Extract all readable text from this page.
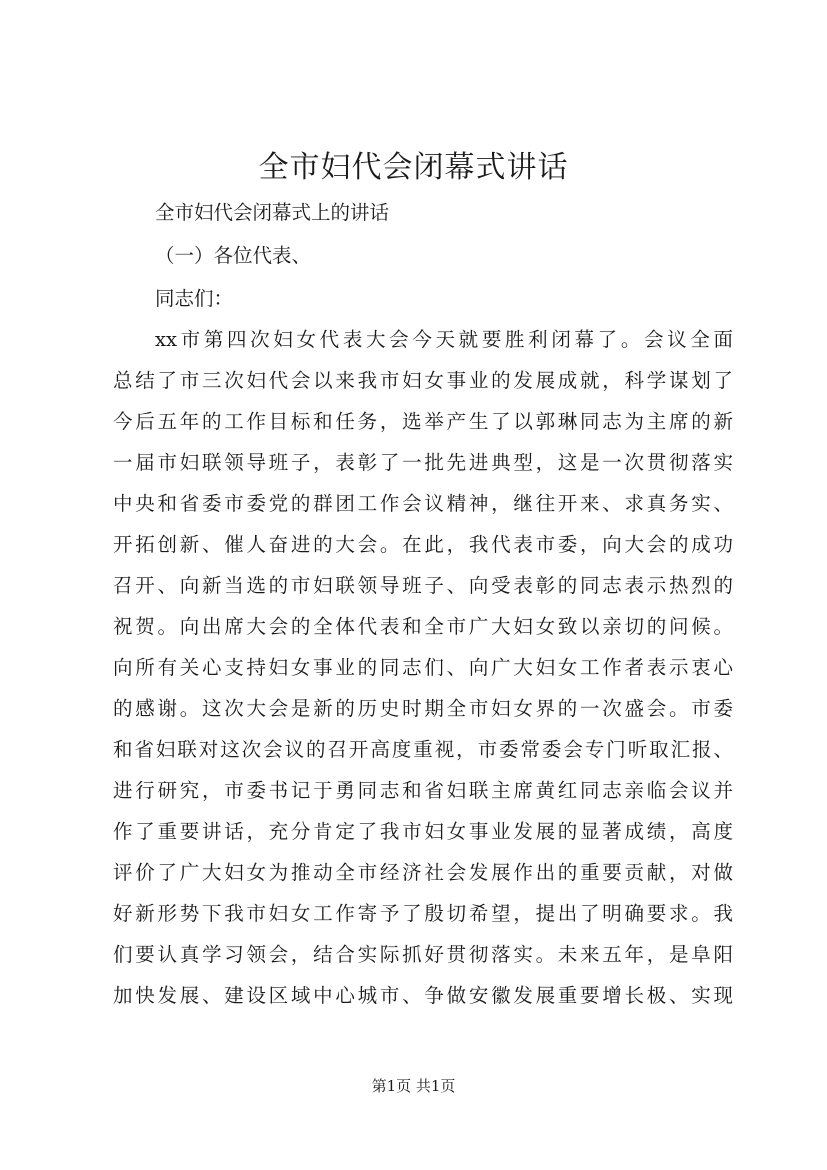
全市妇代会闭幕式讲话
全市妇代会闭幕式上的讲话
（一）各位代表、
同志们：
xx市第四次妇女代表大会今天就要胜利闭幕了。会议全面
总结了市三次妇代会以来我市妇女事业的发展成就，科学谋划了
今后五年的工作目标和任务，选举产生了以郭琳同志为主席的新
一届市妇联领导班子，表彰了一批先进典型，这是一次贯彻落实
中央和省委市委党的群团工作会议精神，继往开来、求真务实、
开拓创新、催人奋进的大会。在此，我代表市委，向大会的成功
召开、向新当选的市妇联领导班子、向受表彰的同志表示热烈的
祝贺。向出席大会的全体代表和全市广大妇女致以亲切的问候。
向所有关心支持妇女事业的同志们、向广大妇女工作者表示衷心
的感谢。这次大会是新的历史时期全市妇女界的一次盛会。市委
和省妇联对这次会议的召开高度重视，市委常委会专门听取汇报、
进行研究，市委书记于勇同志和省妇联主席黄红同志亲临会议并
作了重要讲话，充分肯定了我市妇女事业发展的显著成绩，高度
评价了广大妇女为推动全市经济社会发展作出的重要贡献，对做
好新形势下我市妇女工作寄予了殷切希望，提出了明确要求。我
们要认真学习领会，结合实际抓好贯彻落实。未来五年，是阜阳
加快发展、建设区域中心城市、争做安徽发展重要增长极、实现
第1页 共1页
